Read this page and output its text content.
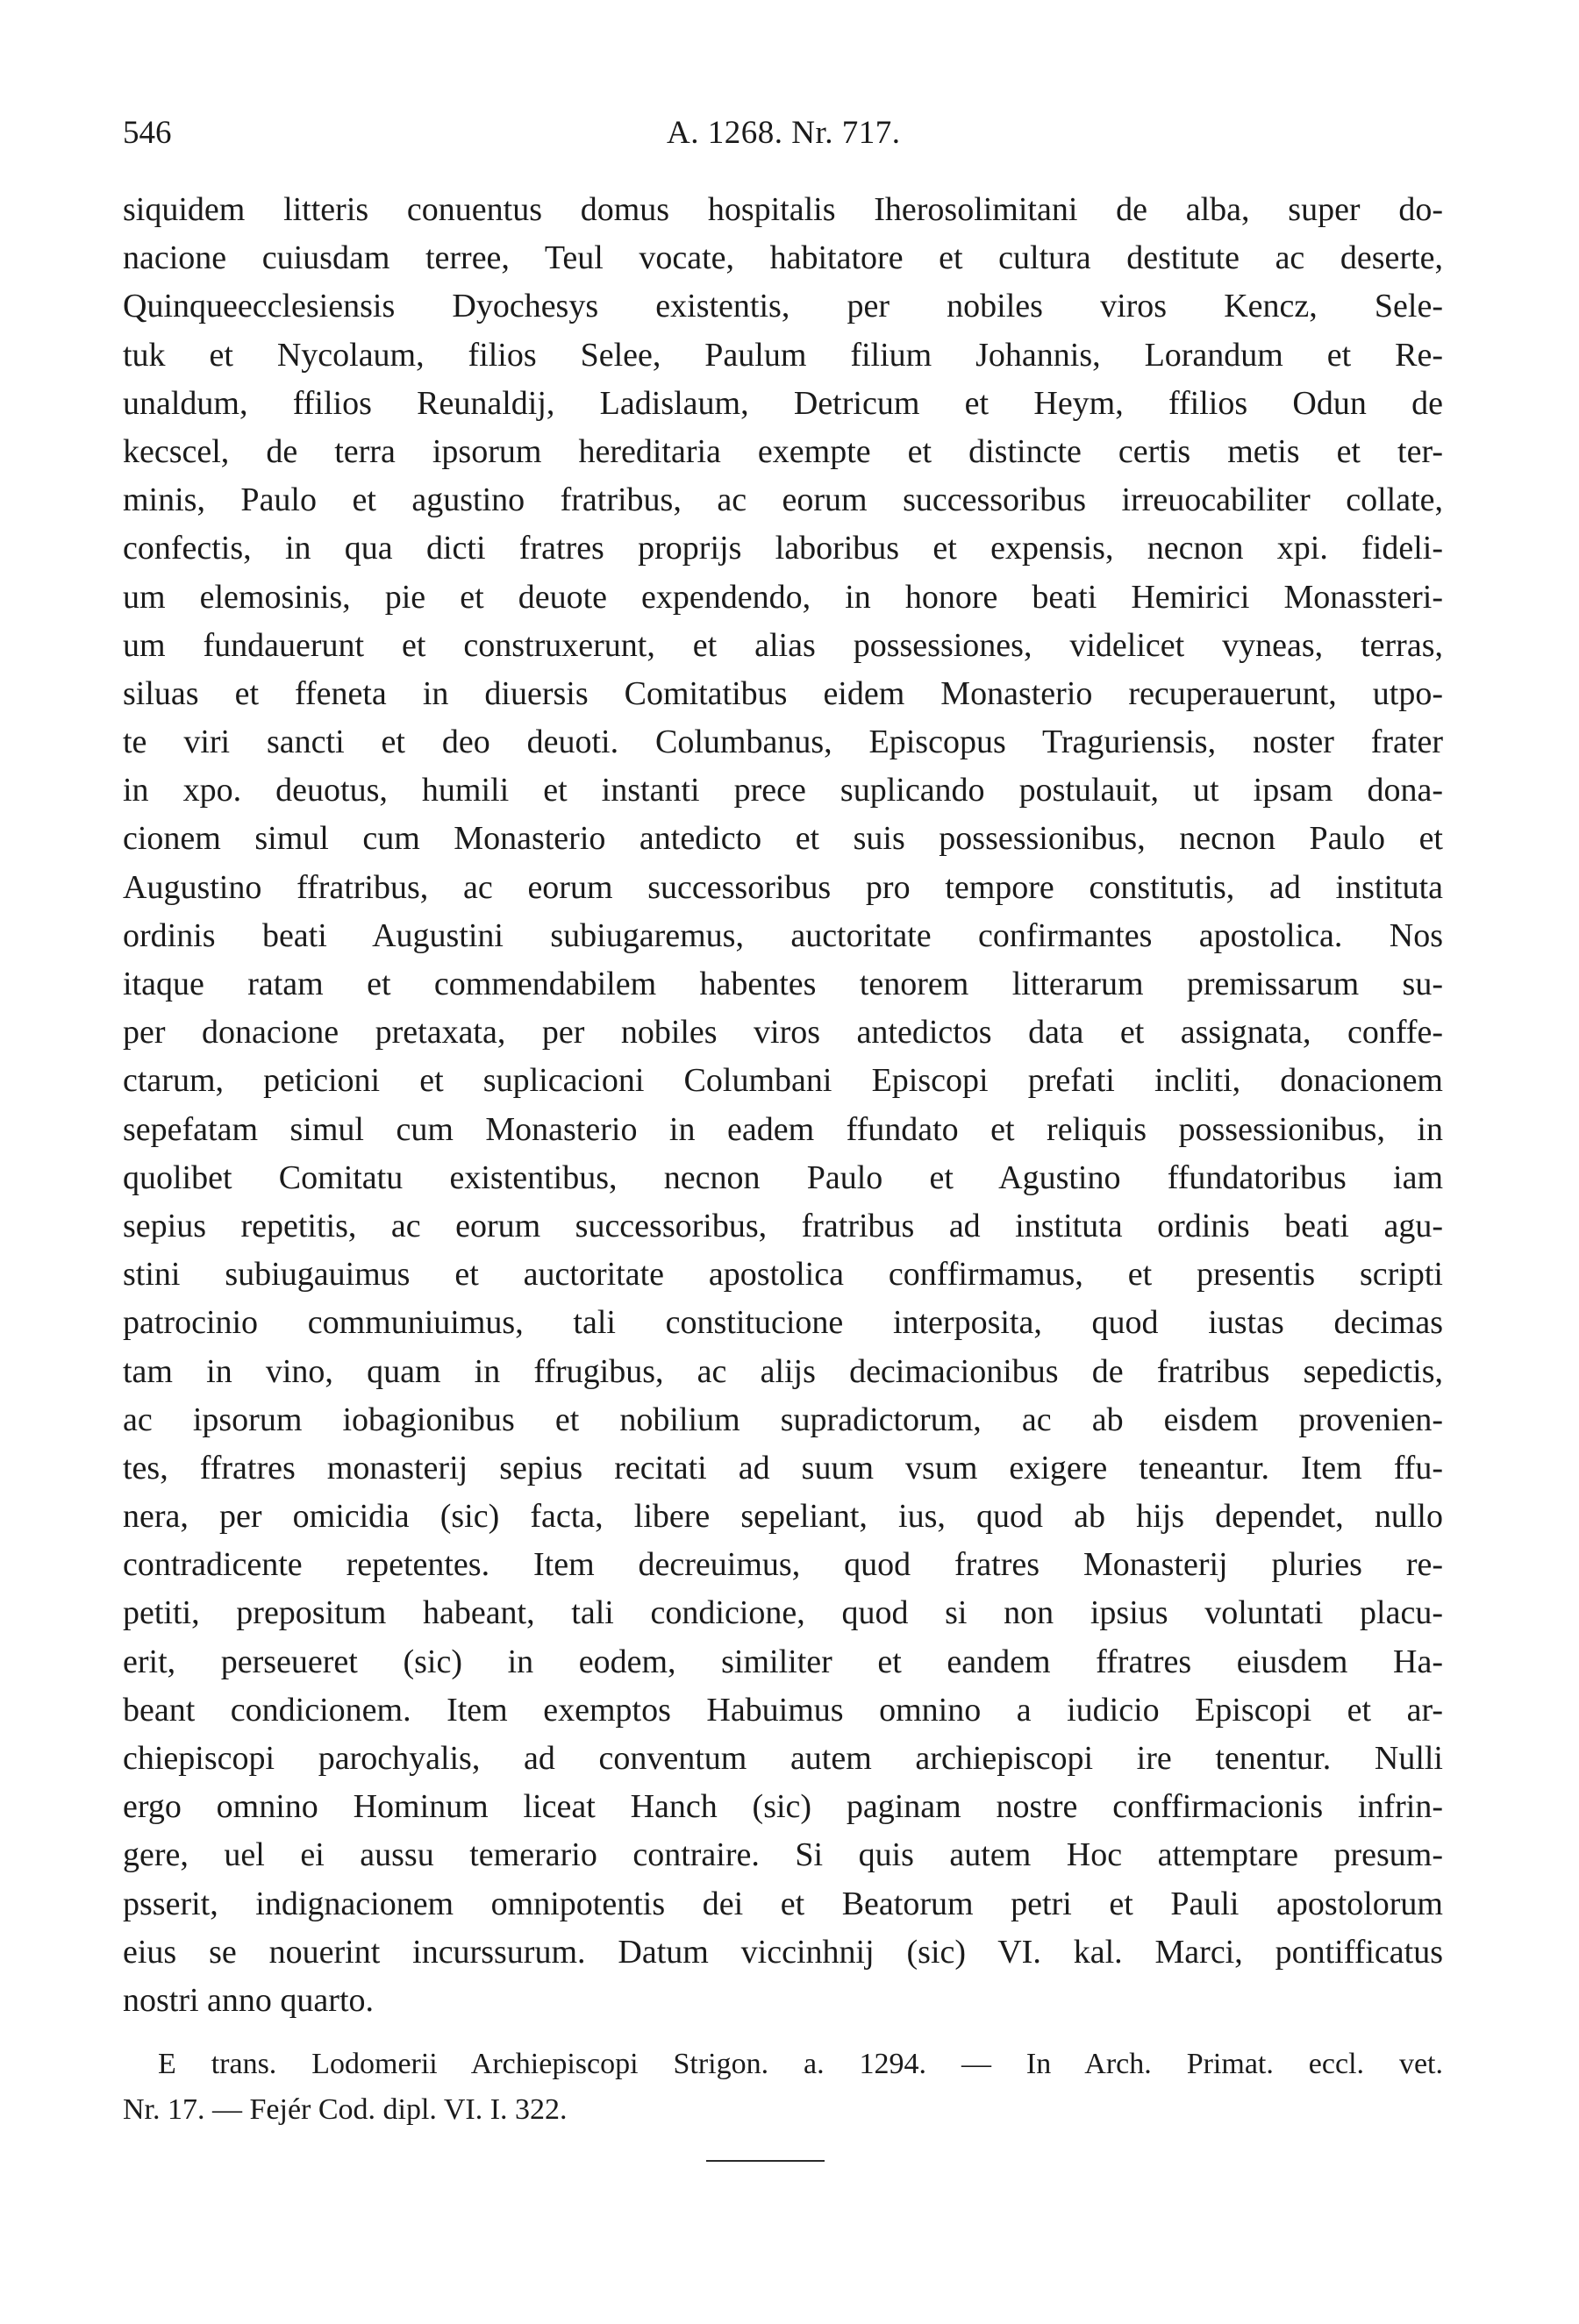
546	A. 1268. Nr. 717.
siquidem litteris conuentus domus hospitalis Iherosolimitani de alba, super do-
nacione cuiusdam terree, Teul vocate, habitatore et cultura destitute ac deserte,
Quinqueecclesiensis Dyochesys existentis, per nobiles viros Kencz, Sele-
tuk et Nycolaum, filios Selee, Paulum filium Johannis, Lorandum et Re-
unaldum, ffilios Reunaldij, Ladislaum, Detricum et Heym, ffilios Odun de
kecscel, de terra ipsorum hereditaria exempte et distincte certis metis et ter-
minis, Paulo et agustino fratribus, ac eorum successoribus irreuocabiliter collate,
confectis, in qua dicti fratres proprijs laboribus et expensis, necnon xpi. fideli-
um elemosinis, pie et deuote expendendo, in honore beati Hemirici Monassteri-
um fundauerunt et construxerunt, et alias possessiones, videlicet vyneas, terras,
siluas et ffeneta in diuersis Comitatibus eidem Monasterio recuperauerunt, utpo-
te viri sancti et deo deuoti. Columbanus, Episcopus Traguriensis, noster frater
in xpo. deuotus, humili et instanti prece suplicando postulauit, ut ipsam dona-
cionem simul cum Monasterio antedicto et suis possessionibus, necnon Paulo et
Augustino ffratribus, ac eorum successoribus pro tempore constitutis, ad instituta
ordinis beati Augustini subiugaremus, auctoritate confirmantes apostolica. Nos
itaque ratam et commendabilem habentes tenorem litterarum premissarum su-
per donacione pretaxata, per nobiles viros antedictos data et assignata, conffe-
ctarum, peticioni et suplicacioni Columbani Episcopi prefati incliti, donacionem
sepefatam simul cum Monasterio in eadem ffundato et reliquis possessionibus, in
quolibet Comitatu existentibus, necnon Paulo et Agustino ffundatoribus iam
sepius repetitis, ac eorum successoribus, fratribus ad instituta ordinis beati agu-
stini subiugauimus et auctoritate apostolica conffirmamus, et presentis scripti
patrocinio communiuimus, tali constitucione interposita, quod iustas decimas
tam in vino, quam in ffrugibus, ac alijs decimacionibus de fratribus sepedictis,
ac ipsorum iobagionibus et nobilium supradictorum, ac ab eisdem provenien-
tes, ffratres monasterij sepius recitati ad suum vsum exigere teneantur. Item ffu-
nera, per omicidia (sic) facta, libere sepeliant, ius, quod ab hijs dependet, nullo
contradicente repetentes. Item decreuimus, quod fratres Monasterij pluries re-
petiti, prepositum habeant, tali condicione, quod si non ipsius voluntati placu-
erit, perseueret (sic) in eodem, similiter et eandem ffratres eiusdem Ha-
beant condicionem. Item exemptos Habuimus omnino a iudicio Episcopi et ar-
chiepiscopi parochyalis, ad conventum autem archiepiscopi ire tenentur. Nulli
ergo omnino Hominum liceat Hanch (sic) paginam nostre conffirmacionis infrin-
gere, uel ei aussu temerario contraire. Si quis autem Hoc attemptare presum-
psserit, indignacionem omnipotentis dei et Beatorum petri et Pauli apostolorum
eius se nouerint incurssurum. Datum viccinhnij (sic) VI. kal. Marci, pontifficatus
nostri anno quarto.
E trans. Lodomerii Archiepiscopi Strigon. a. 1294. — In Arch. Primat. eccl. vet.
Nr. 17. — Fejér Cod. dipl. VI. I. 322.
